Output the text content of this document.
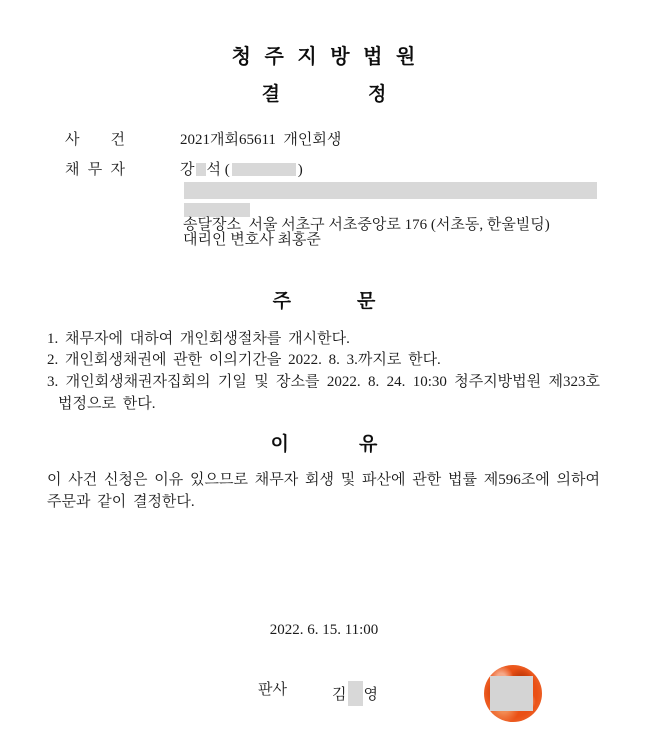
청 주 지 방 법 원
결	정
사 건	2021개회65611  개인회생
채 무 자	강 석 (	)
송달장소  서울 서초구 서초중앙로 176 (서초동, 한울빌딩)
대리인 변호사 최홍준
주	문
1. 채무자에 대하여 개인회생절차를 개시한다.
2. 개인회생채권에 관한 이의기간을 2022. 8. 3.까지로 한다.
3. 개인회생채권자집회의 기일 및 장소를 2022. 8. 24. 10:30 청주지방법원 제323호
법정으로 한다.
이	유
이 사건 신청은 이유 있으므로 채무자 회생 및 파산에 관한 법률 제596조에 의하여
주문과 같이 결정한다.
2022. 6. 15. 11:00
판사	김 영
